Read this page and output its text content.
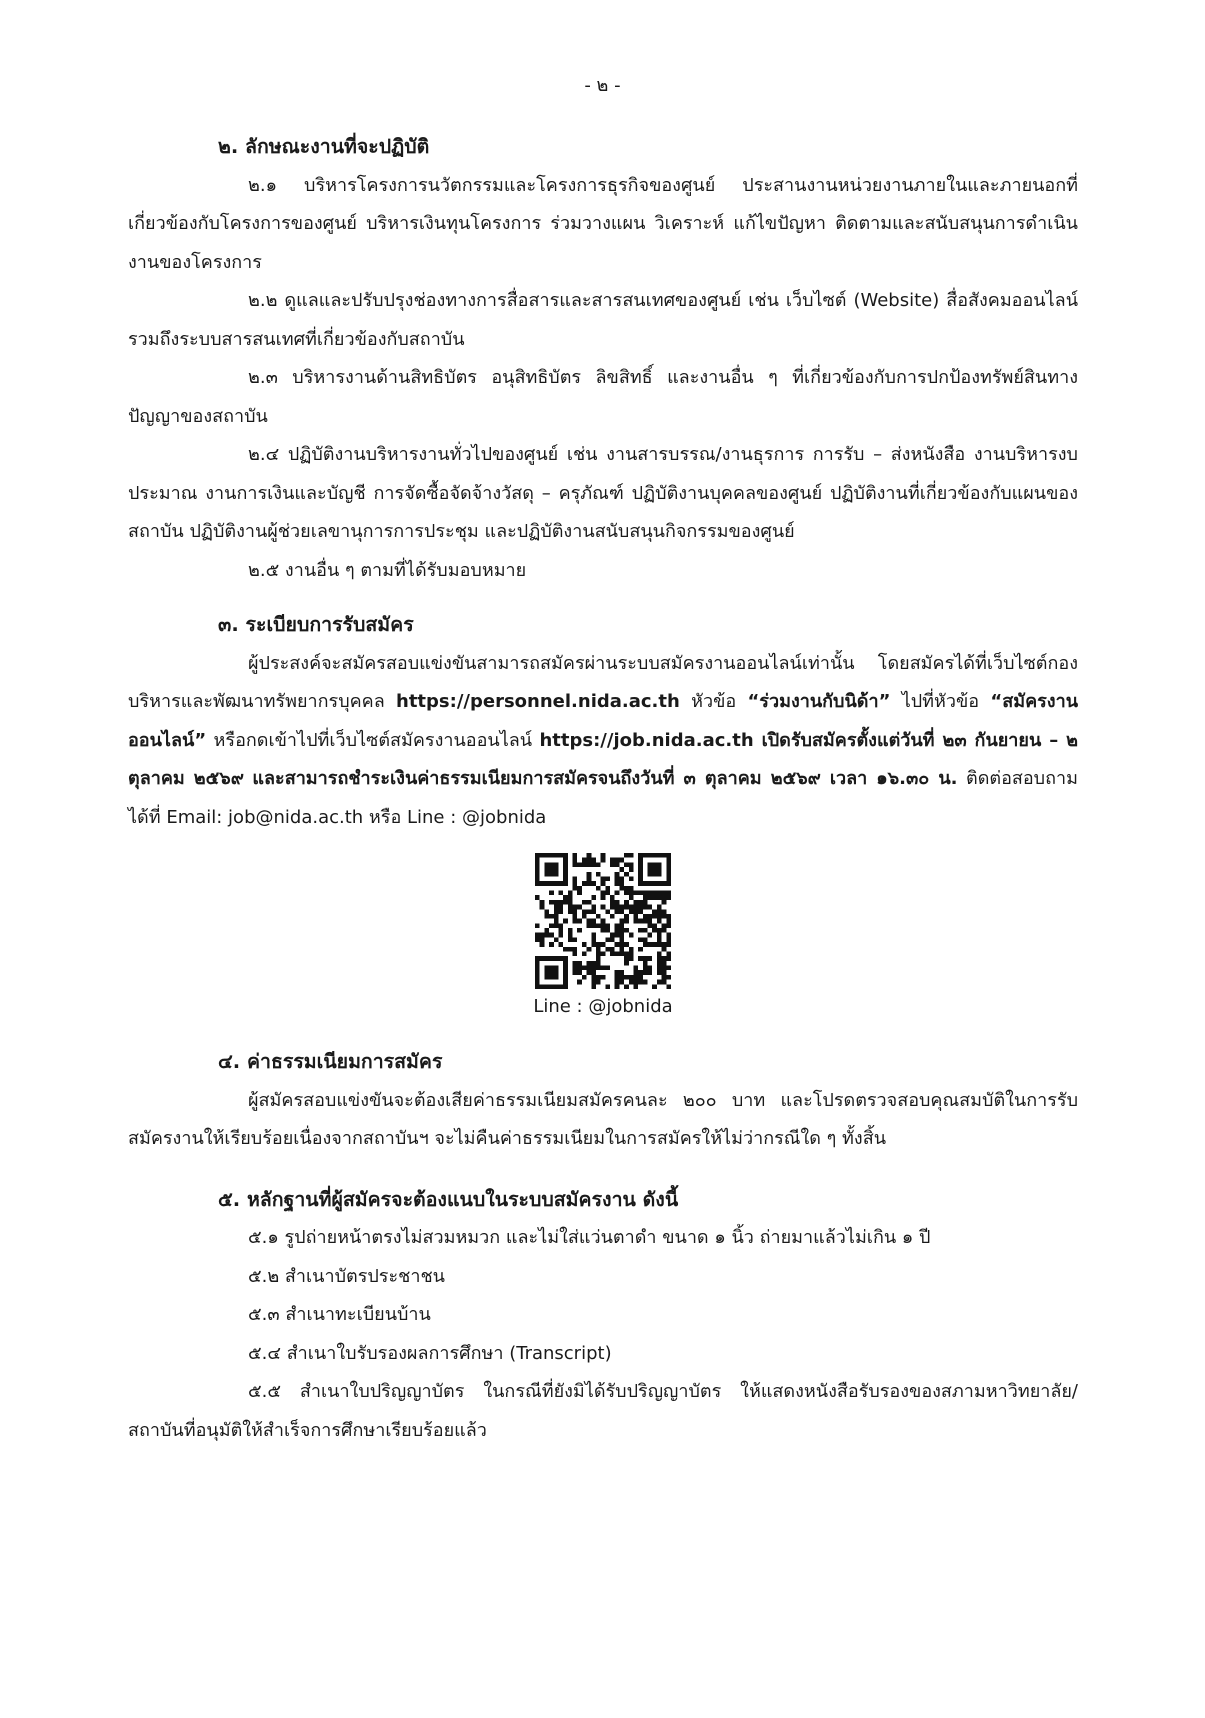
- ๒ -
๒. ลักษณะงานที่จะปฏิบัติ

๒.๑ บริหารโครงการนวัตกรรมและโครงการธุรกิจของศูนย์ ประสานงานหน่วยงานภายในและภายนอกที่เกี่ยวข้องกับโครงการของศูนย์ บริหารเงินทุนโครงการ ร่วมวางแผน วิเคราะห์ แก้ไขปัญหา ติดตามและสนับสนุนการดำเนินงานของโครงการ

๒.๒ ดูแลและปรับปรุงช่องทางการสื่อสารและสารสนเทศของศูนย์ เช่น เว็บไซต์ (Website) สื่อสังคมออนไลน์ รวมถึงระบบสารสนเทศที่เกี่ยวข้องกับสถาบัน

๒.๓ บริหารงานด้านสิทธิบัตร อนุสิทธิบัตร ลิขสิทธิ์ และงานอื่น ๆ ที่เกี่ยวข้องกับการปกป้องทรัพย์สินทางปัญญาของสถาบัน

๒.๔ ปฏิบัติงานบริหารงานทั่วไปของศูนย์ เช่น งานสารบรรณ/งานธุรการ การรับ – ส่งหนังสือ งานบริหารงบประมาณ งานการเงินและบัญชี การจัดซื้อจัดจ้างวัสดุ – ครุภัณฑ์ ปฏิบัติงานบุคคลของศูนย์ ปฏิบัติงานที่เกี่ยวข้องกับแผนของสถาบัน ปฏิบัติงานผู้ช่วยเลขานุการการประชุม และปฏิบัติงานสนับสนุนกิจกรรมของศูนย์

๒.๕ งานอื่น ๆ ตามที่ได้รับมอบหมาย

๓. ระเบียบการรับสมัคร

ผู้ประสงค์จะสมัครสอบแข่งขันสามารถสมัครผ่านระบบสมัครงานออนไลน์เท่านั้น โดยสมัครได้ที่เว็บไซต์กองบริหารและพัฒนาทรัพยากรบุคคล https://personnel.nida.ac.th หัวข้อ “ร่วมงานกับนิด้า” ไปที่หัวข้อ “สมัครงานออนไลน์” หรือกดเข้าไปที่เว็บไซต์สมัครงานออนไลน์ https://job.nida.ac.th เปิดรับสมัครตั้งแต่วันที่ ๒๓ กันยายน – ๒ ตุลาคม ๒๕๖๙ และสามารถชำระเงินค่าธรรมเนียมการสมัครจนถึงวันที่ ๓ ตุลาคม ๒๕๖๙ เวลา ๑๖.๓๐ น. ติดต่อสอบถามได้ที่ Email: job@nida.ac.th หรือ Line : @jobnida

Line : @jobnida
๔. ค่าธรรมเนียมการสมัคร

ผู้สมัครสอบแข่งขันจะต้องเสียค่าธรรมเนียมสมัครคนละ ๒๐๐ บาท และโปรดตรวจสอบคุณสมบัติในการรับสมัครงานให้เรียบร้อยเนื่องจากสถาบันฯ จะไม่คืนค่าธรรมเนียมในการสมัครให้ไม่ว่ากรณีใด ๆ ทั้งสิ้น

๕. หลักฐานที่ผู้สมัครจะต้องแนบในระบบสมัครงาน ดังนี้

๕.๑ รูปถ่ายหน้าตรงไม่สวมหมวก และไม่ใส่แว่นตาดำ ขนาด ๑ นิ้ว ถ่ายมาแล้วไม่เกิน ๑ ปี

๕.๒ สำเนาบัตรประชาชน

๕.๓ สำเนาทะเบียนบ้าน

๕.๔ สำเนาใบรับรองผลการศึกษา (Transcript)

๕.๕ สำเนาใบปริญญาบัตร ในกรณีที่ยังมิได้รับปริญญาบัตร ให้แสดงหนังสือรับรองของสภามหาวิทยาลัย/สถาบันที่อนุมัติให้สำเร็จการศึกษาเรียบร้อยแล้ว
